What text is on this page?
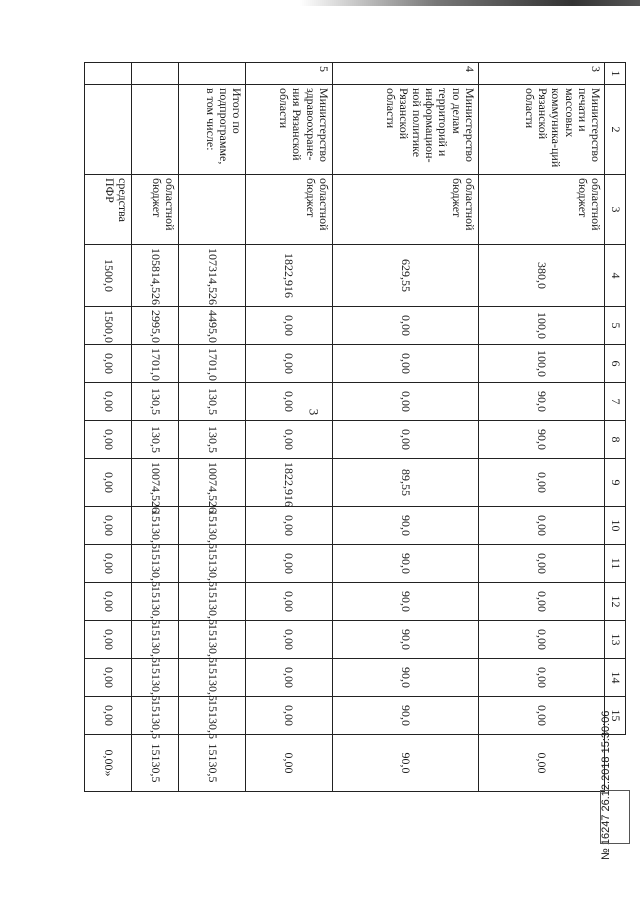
3
1	2	3	4	5	6	7	8	9	10	11	12	13	14	15	
3	Министерство печати и массовых коммуника-ций Рязанской области	областной бюджет	380,0	100,0	100,0	90,0	90,0	0,00	0,00	0,00	0,00	0,00	0,00	0,00	0,00
4	Министерство по делам территорий и информацион-ной политике Рязанской области	областной бюджет	629,55	0,00	0,00	0,00	0,00	89,55	90,0	90,0	90,0	90,0	90,0	90,0	90,0
5	Министерство здравоохране-ния Рязанской области	областной бюджет	1822,916	0,00	0,00	0,00	0,00	1822,916	0,00	0,00	0,00	0,00	0,00	0,00	0,00
	Итого по подпрограмме, в том числе:		107314,526	4495,0	1701,0	130,5	130,5	10074,526	15130,5	15130,5	15130,5	15130,5	15130,5	15130,5	15130,5
		областной бюджет	105814,526	2995,0	1701,0	130,5	130,5	10074,526	15130,5	15130,5	15130,5	15130,5	15130,5	15130,5	15130,5
		средства ПФР	1500,0	1500,0	0,00	0,00	0,00	0,00	0,00	0,00	0,00	0,00	0,00	0,00	0,00»	№ 16247 26.12.2018 15:30:06
